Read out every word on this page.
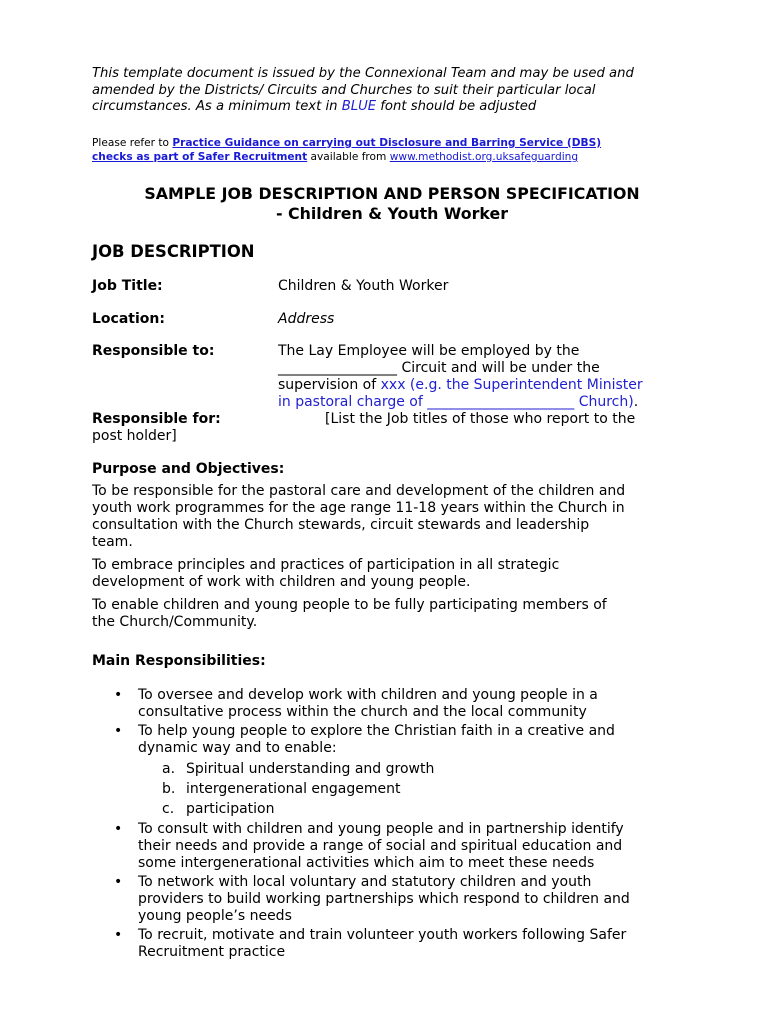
This template document is issued by the Connexional Team and may be used and
amended by the Districts/ Circuits and Churches to suit their particular local
circumstances. As a minimum text in BLUE font should be adjusted

Please refer to Practice Guidance on carrying out Disclosure and Barring Service (DBS)
checks as part of Safer Recruitment available from www.methodist.org.uksafeguarding

SAMPLE JOB DESCRIPTION AND PERSON SPECIFICATION
- Children & Youth Worker
JOB DESCRIPTION
Job Title:	Children & Youth Worker
Location:	Address
Responsible to:	The Lay Employee will be employed by the
_________________ Circuit and will be under the
supervision of xxx (e.g. the Superintendent Minister
in pastoral charge of _____________________ Church).
Responsible for:	[List the Job titles of those who report to the
post holder]
Purpose and Objectives:

To be responsible for the pastoral care and development of the children and
youth work programmes for the age range 11-18 years within the Church in
consultation with the Church stewards, circuit stewards and leadership
team.

To embrace principles and practices of participation in all strategic
development of work with children and young people.

To enable children and young people to be fully participating members of
the Church/Community.

Main Responsibilities:
• To oversee and develop work with children and young people in a
consultative process within the church and the local community
• To help young people to explore the Christian faith in a creative and
dynamic way and to enable:
a. Spiritual understanding and growth
b. intergenerational engagement
c. participation
• To consult with children and young people and in partnership identify
their needs and provide a range of social and spiritual education and
some intergenerational activities which aim to meet these needs
• To network with local voluntary and statutory children and youth
providers to build working partnerships which respond to children and
young people’s needs
• To recruit, motivate and train volunteer youth workers following Safer
Recruitment practice
